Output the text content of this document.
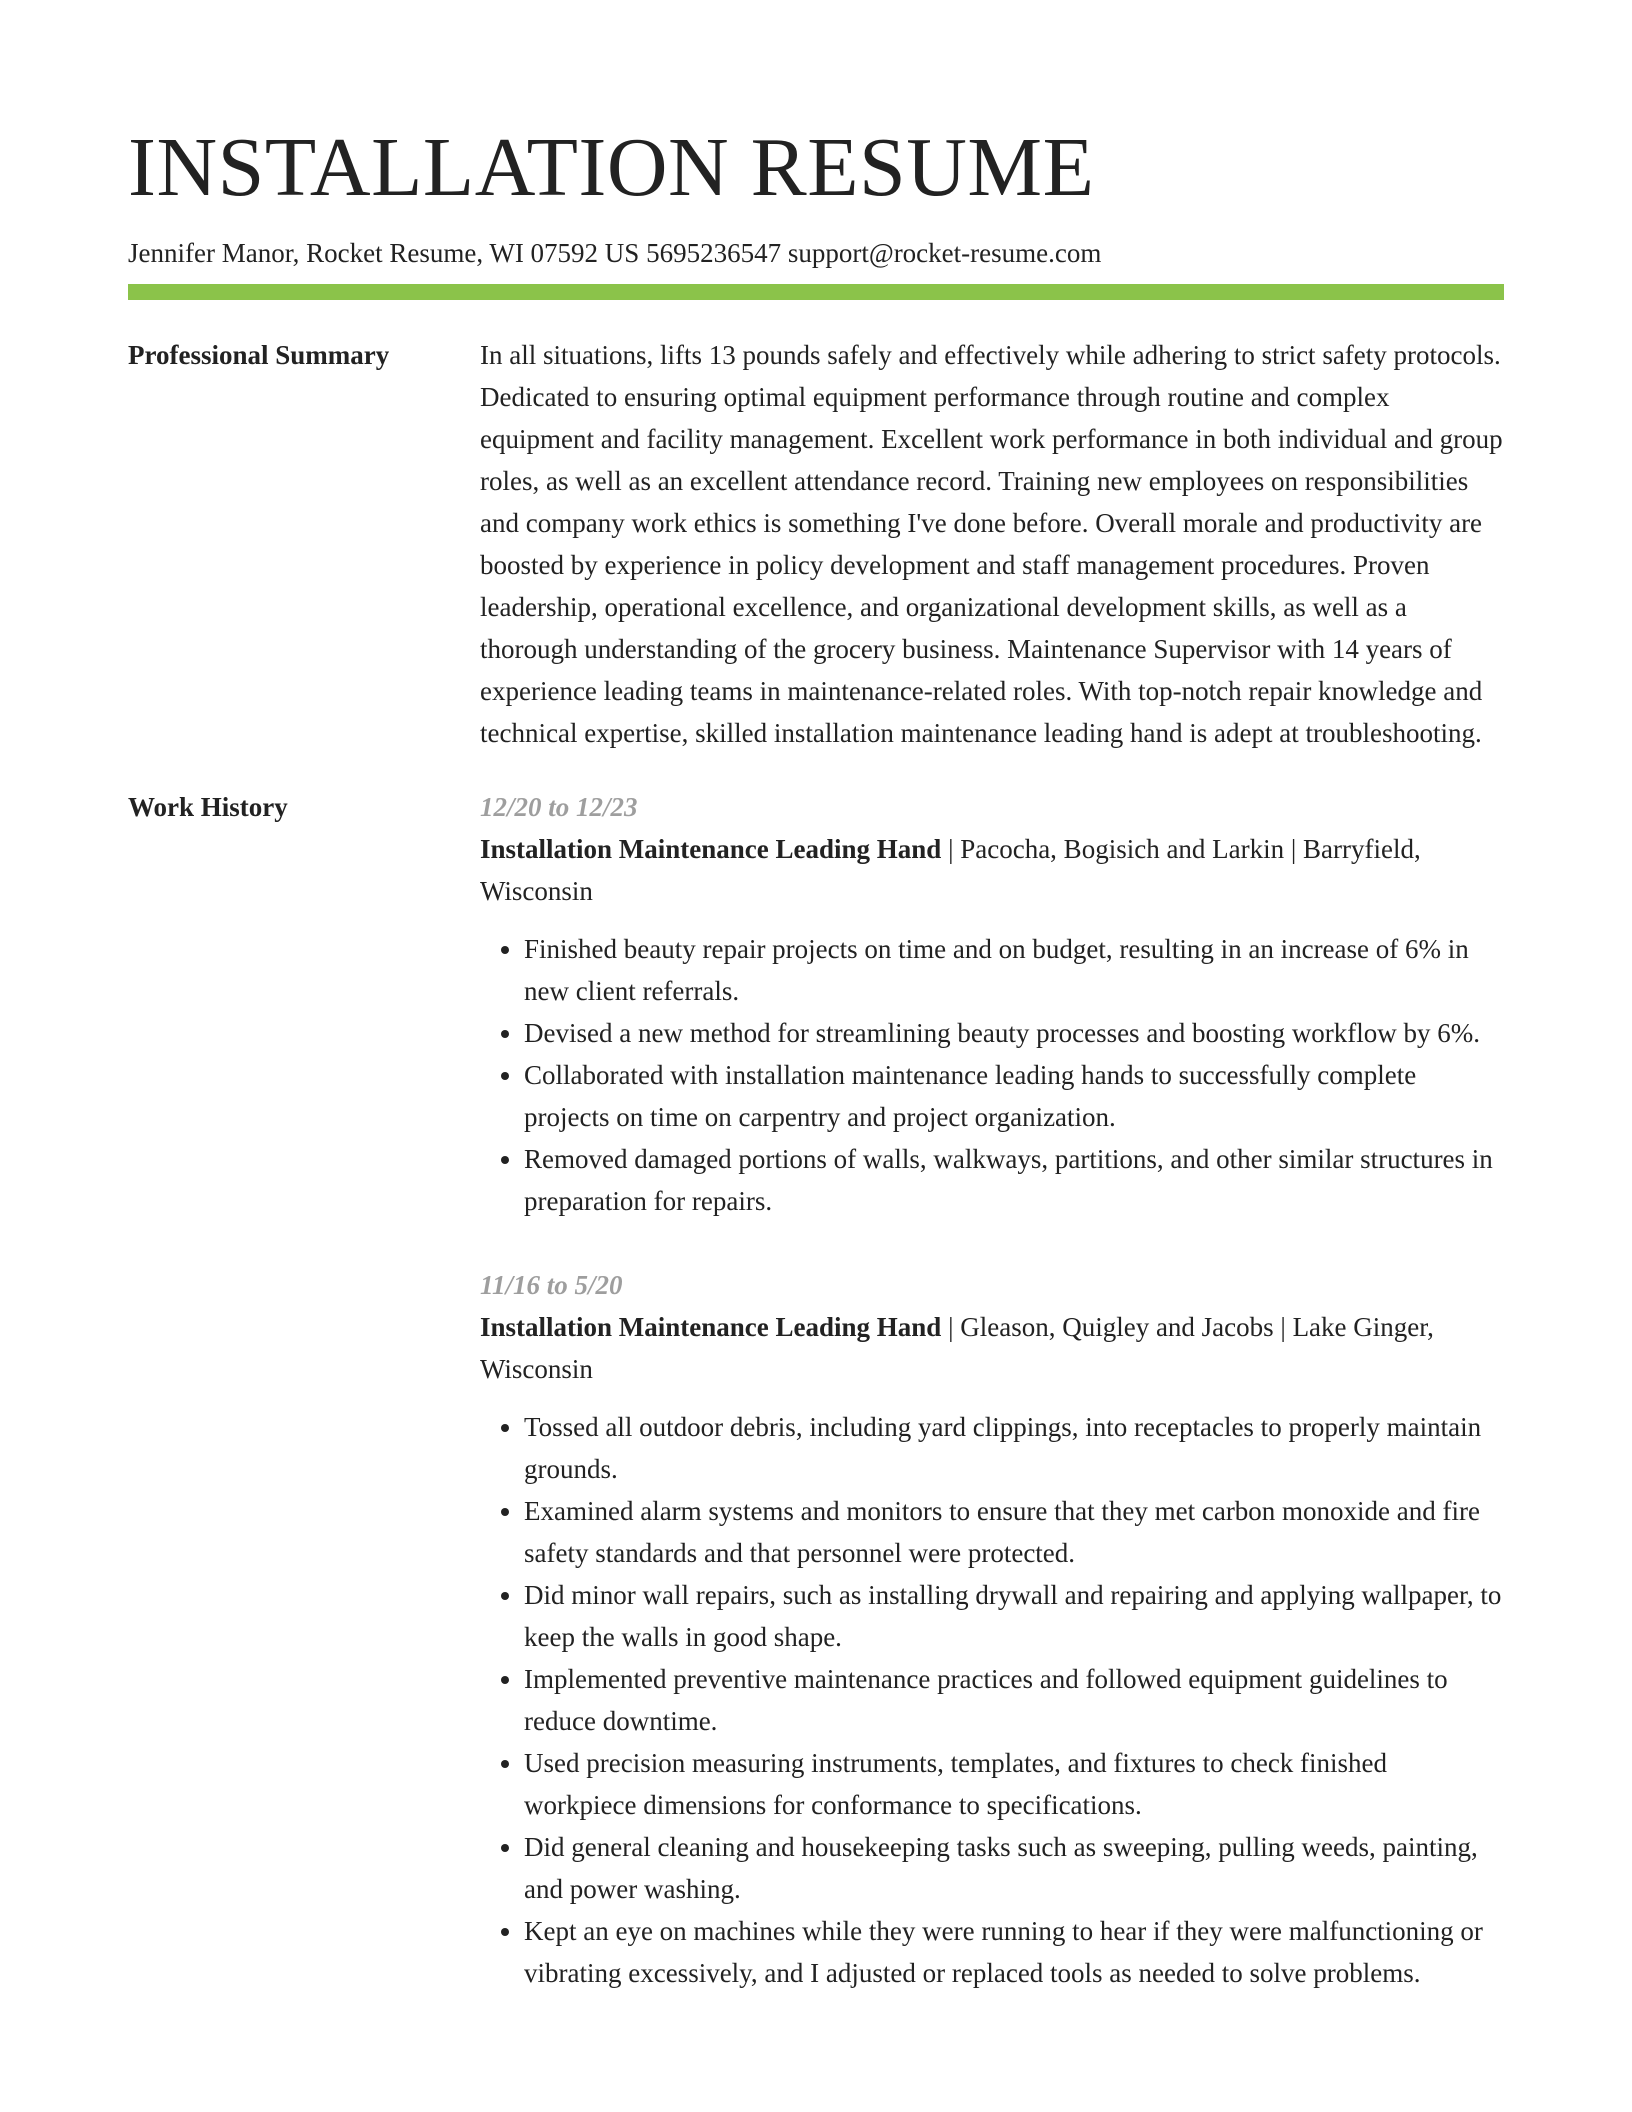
INSTALLATION RESUME
Jennifer Manor, Rocket Resume, WI 07592 US 5695236547 support@rocket-resume.com
Professional Summary	In all situations, lifts 13 pounds safely and effectively while adhering to strict safety protocols. Dedicated to ensuring optimal equipment performance through routine and complex equipment and facility management. Excellent work performance in both individual and group roles, as well as an excellent attendance record. Training new employees on responsibilities and company work ethics is something I've done before. Overall morale and productivity are boosted by experience in policy development and staff management procedures. Proven leadership, operational excellence, and organizational development skills, as well as a thorough understanding of the grocery business. Maintenance Supervisor with 14 years of experience leading teams in maintenance-related roles. With top-notch repair knowledge and technical expertise, skilled installation maintenance leading hand is adept at troubleshooting.

Work History	12/20 to 12/23
Installation Maintenance Leading Hand | Pacocha, Bogisich and Larkin | Barryfield, Wisconsin
• Finished beauty repair projects on time and on budget, resulting in an increase of 6% in new client referrals.
• Devised a new method for streamlining beauty processes and boosting workflow by 6%.
• Collaborated with installation maintenance leading hands to successfully complete projects on time on carpentry and project organization.
• Removed damaged portions of walls, walkways, partitions, and other similar structures in preparation for repairs.
11/16 to 5/20
Installation Maintenance Leading Hand | Gleason, Quigley and Jacobs | Lake Ginger, Wisconsin
• Tossed all outdoor debris, including yard clippings, into receptacles to properly maintain grounds.
• Examined alarm systems and monitors to ensure that they met carbon monoxide and fire safety standards and that personnel were protected.
• Did minor wall repairs, such as installing drywall and repairing and applying wallpaper, to keep the walls in good shape.
• Implemented preventive maintenance practices and followed equipment guidelines to reduce downtime.
• Used precision measuring instruments, templates, and fixtures to check finished workpiece dimensions for conformance to specifications.
• Did general cleaning and housekeeping tasks such as sweeping, pulling weeds, painting, and power washing.
• Kept an eye on machines while they were running to hear if they were malfunctioning or vibrating excessively, and I adjusted or replaced tools as needed to solve problems.
